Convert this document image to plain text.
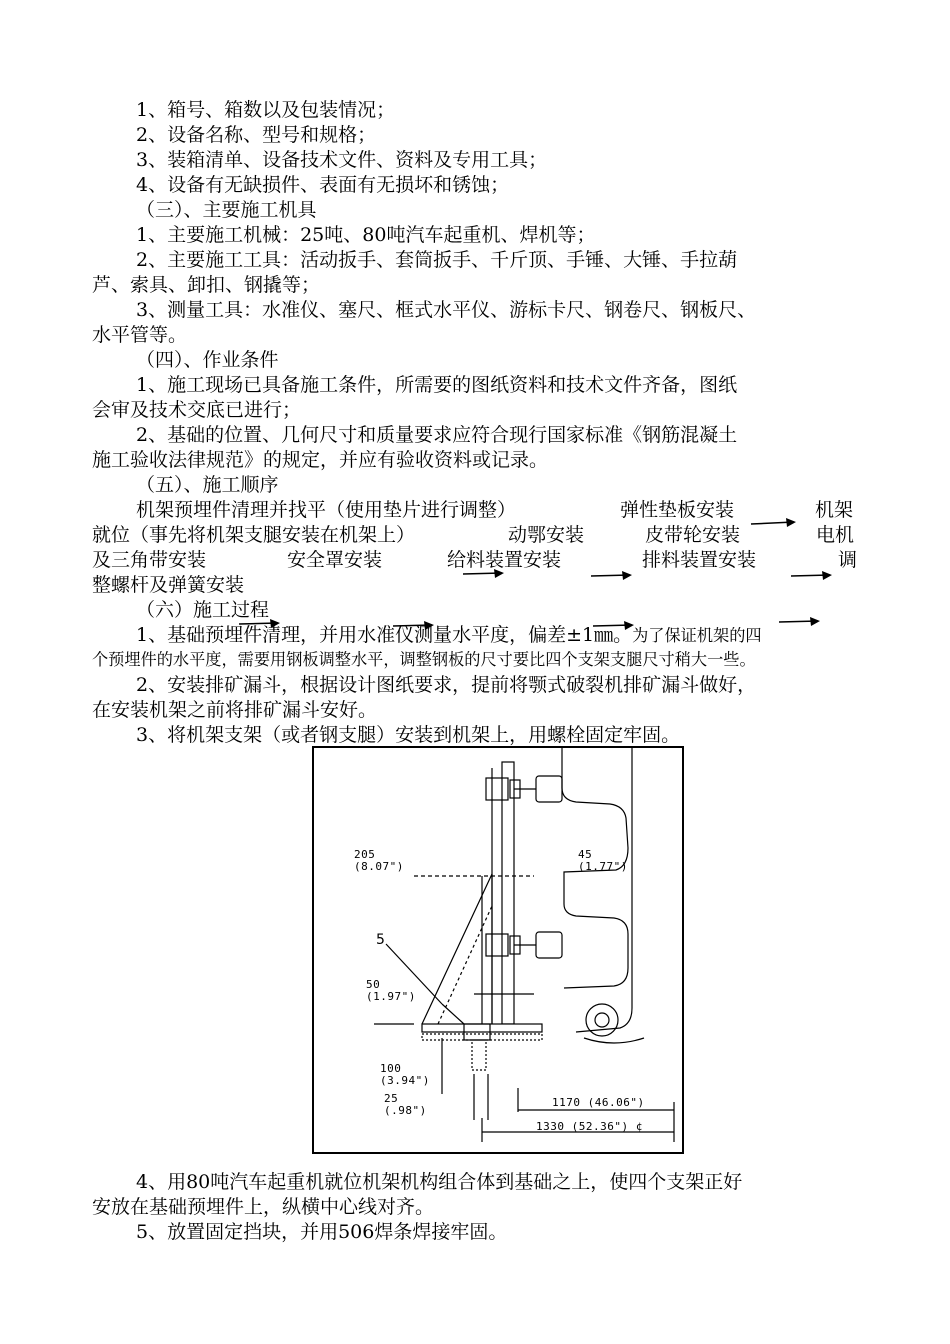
1、箱号、箱数以及包装情况；
2、设备名称、型号和规格；
3、装箱清单、设备技术文件、资料及专用工具；
4、设备有无缺损件、表面有无损坏和锈蚀；
（三）、主要施工机具
1、主要施工机械：25吨、80吨汽车起重机、焊机等；
2、主要施工工具：活动扳手、套筒扳手、千斤顶、手锤、大锤、手拉葫
芦、索具、卸扣、钢撬等；
3、测量工具：水准仪、塞尺、框式水平仪、游标卡尺、钢卷尺、钢板尺、
水平管等。
（四）、作业条件
1、施工现场已具备施工条件，所需要的图纸资料和技术文件齐备，图纸
会审及技术交底已进行；
2、基础的位置、几何尺寸和质量要求应符合现行国家标准《钢筋混凝土
施工验收法律规范》的规定，并应有验收资料或记录。
（五）、施工顺序
机架预埋件清理并找平（使用垫片进行调整）	弹性垫板安装	机架
就位（事先将机架支腿安装在机架上）	动鄂安装	皮带轮安装	电机
及三角带安装	安全罩安装	给料装置安装	排料装置安装	调
整螺杆及弹簧安装
（六）施工过程
1、基础预埋件清理，并用水准仪测量水平度，偏差±1㎜。为了保证机架的四
个预埋件的水平度，需要用钢板调整水平，调整钢板的尺寸要比四个支架支腿尺寸稍大一些。
2、安装排矿漏斗，根据设计图纸要求，提前将颚式破裂机排矿漏斗做好，
在安装机架之前将排矿漏斗安好。
3、将机架支架（或者钢支腿）安装到机架上，用螺栓固定牢固。
205
(8.07")
45
(1.77")
5
50
(1.97")
100
(3.94")
25
(.98")
1170 (46.06")
1330 (52.36") ¢
4、用80吨汽车起重机就位机架机构组合体到基础之上，使四个支架正好
安放在基础预埋件上，纵横中心线对齐。
5、放置固定挡块，并用506焊条焊接牢固。
